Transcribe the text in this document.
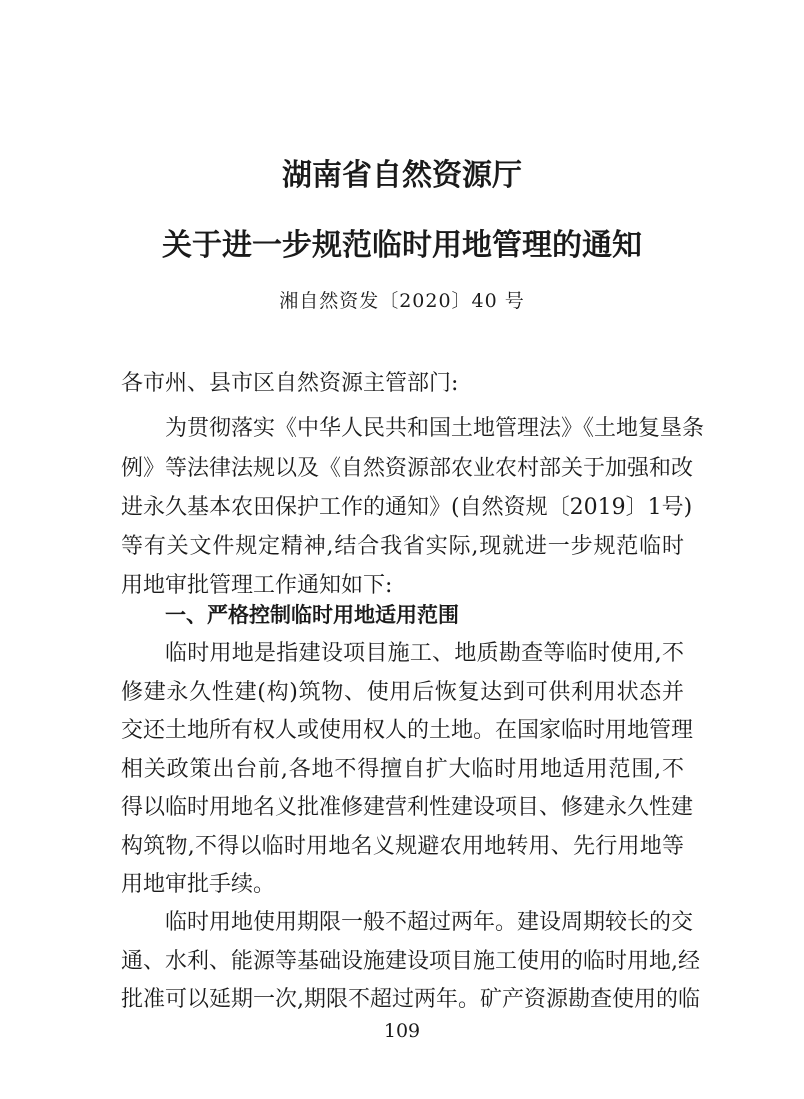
湖南省自然资源厅
关于进一步规范临时用地管理的通知
湘自然资发〔2020〕40 号
各市州、县市区自然资源主管部门:
为贯彻落实《中华人民共和国土地管理法》《土地复垦条
例》等法律法规以及《自然资源部农业农村部关于加强和改
进永久基本农田保护工作的通知》(自然资规〔2019〕1号)
等有关文件规定精神,结合我省实际,现就进一步规范临时
用地审批管理工作通知如下:
一、严格控制临时用地适用范围
临时用地是指建设项目施工、地质勘查等临时使用,不
修建永久性建(构)筑物、使用后恢复达到可供利用状态并
交还土地所有权人或使用权人的土地。在国家临时用地管理
相关政策出台前,各地不得擅自扩大临时用地适用范围,不
得以临时用地名义批准修建营利性建设项目、修建永久性建
构筑物,不得以临时用地名义规避农用地转用、先行用地等
用地审批手续。
临时用地使用期限一般不超过两年。建设周期较长的交
通、水利、能源等基础设施建设项目施工使用的临时用地,经
批准可以延期一次,期限不超过两年。矿产资源勘查使用的临
109
